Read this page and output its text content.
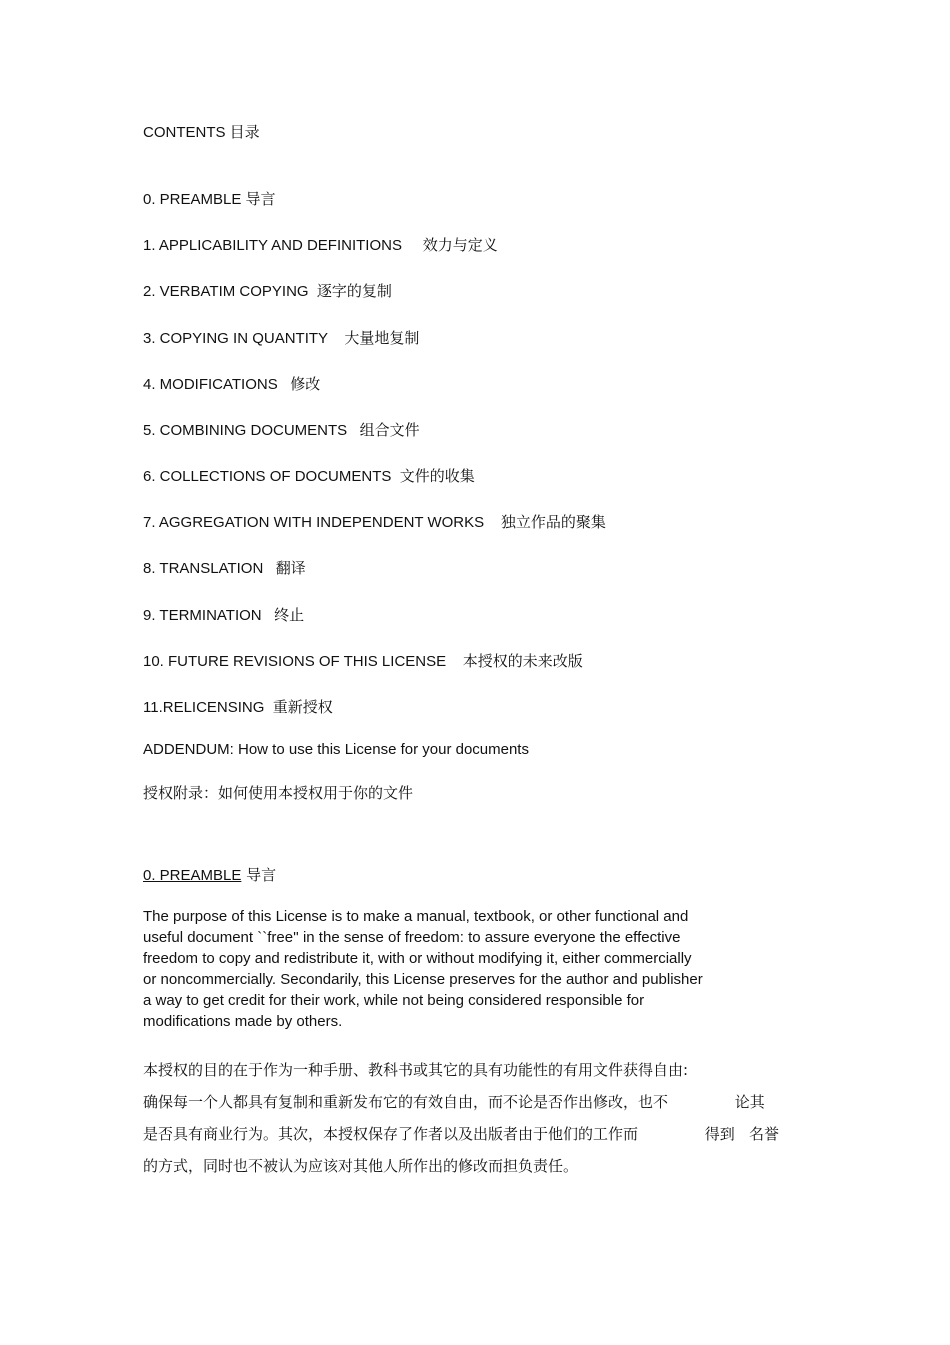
CONTENTS 目录
0. PREAMBLE 导言
1. APPLICABILITY AND DEFINITIONS     效力与定义
2. VERBATIM COPYING  逐字的复制
3. COPYING IN QUANTITY    大量地复制
4. MODIFICATIONS   修改
5. COMBINING DOCUMENTS   组合文件
6. COLLECTIONS OF DOCUMENTS  文件的收集
7. AGGREGATION WITH INDEPENDENT WORKS    独立作品的聚集
8. TRANSLATION   翻译
9. TERMINATION   终止
10. FUTURE REVISIONS OF THIS LICENSE    本授权的未来改版
11.RELICENSING  重新授权
ADDENDUM: How to use this License for your documents
授权附录：如何使用本授权用于你的文件
0. PREAMBLE 导言
The purpose of this License is to make a manual, textbook, or other functional and
useful document ``free'' in the sense of freedom: to assure everyone the effective
freedom to copy and redistribute it, with or without modifying it, either commercially
or noncommercially. Secondarily, this License preserves for the author and publisher
a way to get credit for their work, while not being considered responsible for
modifications made by others.
本授权的目的在于作为一种手册、教科书或其它的具有功能性的有用文件获得自由:
确保每一个人都具有复制和重新发布它的有效自由，而不论是否作出修改，也不              论其
是否具有商业行为。其次，本授权保存了作者以及出版者由于他们的工作而              得到   名誉
的方式，同时也不被认为应该对其他人所作出的修改而担负责任。
